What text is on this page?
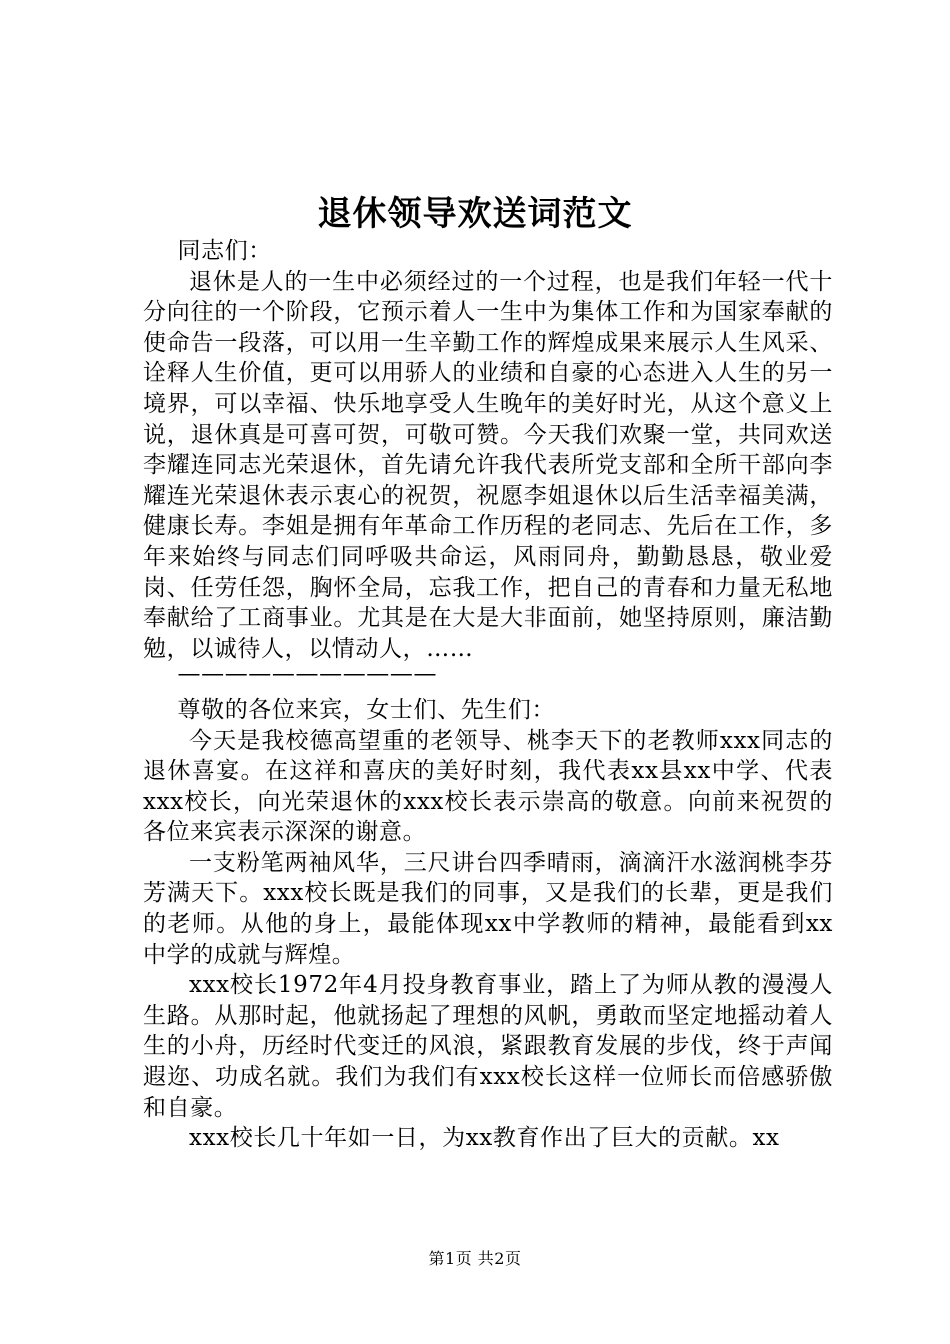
退休领导欢送词范文

同志们：

退休是人的一生中必须经过的一个过程，也是我们年轻一代十分向往的一个阶段，它预示着人一生中为集体工作和为国家奉献的使命告一段落，可以用一生辛勤工作的辉煌成果来展示人生风采、诠释人生价值，更可以用骄人的业绩和自豪的心态进入人生的另一境界，可以幸福、快乐地享受人生晚年的美好时光，从这个意义上说，退休真是可喜可贺，可敬可赞。今天我们欢聚一堂，共同欢送李耀连同志光荣退休，首先请允许我代表所党支部和全所干部向李耀连光荣退休表示衷心的祝贺，祝愿李姐退休以后生活幸福美满，健康长寿。李姐是拥有年革命工作历程的老同志、先后在工作，多年来始终与同志们同呼吸共命运，风雨同舟，勤勤恳恳，敬业爱岗、任劳任怨，胸怀全局，忘我工作，把自己的青春和力量无私地奉献给了工商事业。尤其是在大是大非面前，她坚持原则，廉洁勤勉，以诚待人，以情动人，……

———————————

尊敬的各位来宾，女士们、先生们：

今天是我校德高望重的老领导、桃李天下的老教师xxx同志的退休喜宴。在这祥和喜庆的美好时刻，我代表xx县xx中学、代表xxx校长，向光荣退休的xxx校长表示崇高的敬意。向前来祝贺的各位来宾表示深深的谢意。

一支粉笔两袖风华，三尺讲台四季晴雨，滴滴汗水滋润桃李芬芳满天下。xxx校长既是我们的同事，又是我们的长辈，更是我们的老师。从他的身上，最能体现xx中学教师的精神，最能看到xx中学的成就与辉煌。

xxx校长1972年4月投身教育事业，踏上了为师从教的漫漫人生路。从那时起，他就扬起了理想的风帆，勇敢而坚定地摇动着人生的小舟，历经时代变迁的风浪，紧跟教育发展的步伐，终于声闻遐迩、功成名就。我们为我们有xxx校长这样一位师长而倍感骄傲和自豪。

xxx校长几十年如一日，为xx教育作出了巨大的贡献。xx

第1页 共2页
